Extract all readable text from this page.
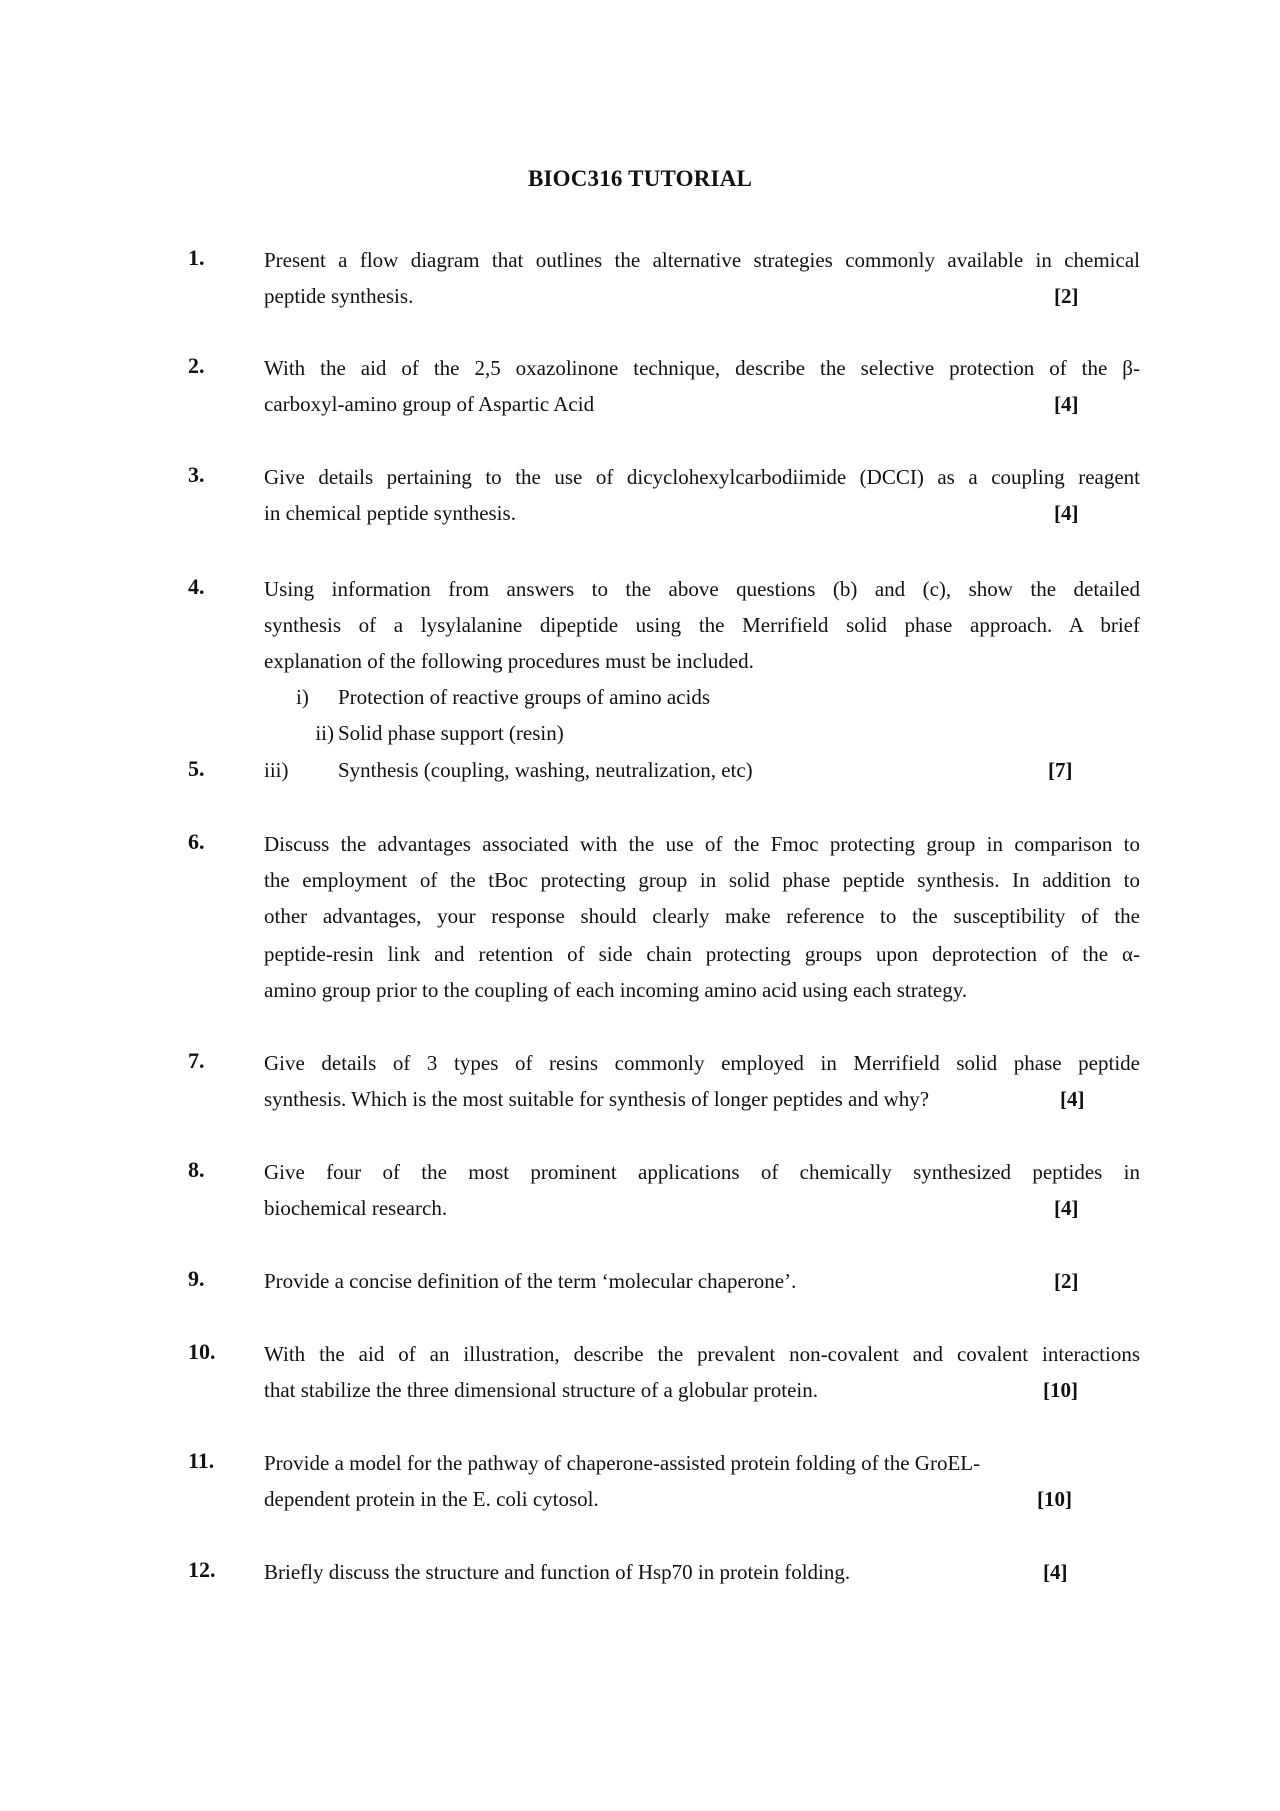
BIOC316 TUTORIAL
1.	Present a flow diagram that outlines the alternative strategies commonly available in chemical
peptide synthesis.	[2]
2.	With the aid of the 2,5 oxazolinone technique, describe the selective protection of the β-
carboxyl-amino group of Aspartic Acid	[4]
3.	Give details pertaining to the use of dicyclohexylcarbodiimide (DCCI) as a coupling reagent
in chemical peptide synthesis.	[4]
4.	Using information from answers to the above questions (b) and (c), show the detailed
synthesis of a lysylalanine dipeptide using the Merrifield solid phase approach. A brief
explanation of the following procedures must be included.
i) Protection of reactive groups of amino acids
ii) Solid phase support (resin)
5.	iii) Synthesis (coupling, washing, neutralization, etc)	[7]
6.	Discuss the advantages associated with the use of the Fmoc protecting group in comparison to
the employment of the tBoc protecting group in solid phase peptide synthesis. In addition to
other advantages, your response should clearly make reference to the susceptibility of the
peptide-resin link and retention of side chain protecting groups upon deprotection of the α-
amino group prior to the coupling of each incoming amino acid using each strategy.
7.	Give details of 3 types of resins commonly employed in Merrifield solid phase peptide
synthesis. Which is the most suitable for synthesis of longer peptides and why?	[4]
8.	Give four of the most prominent applications of chemically synthesized peptides in
biochemical research.	[4]
9.	Provide a concise definition of the term ‘molecular chaperone’.	[2]
10. With the aid of an illustration, describe the prevalent non-covalent and covalent interactions
that stabilize the three dimensional structure of a globular protein.	[10]
11. Provide a model for the pathway of chaperone-assisted protein folding of the GroEL-
dependent protein in the E. coli cytosol.	[10]
12. Briefly discuss the structure and function of Hsp70 in protein folding.	[4]
